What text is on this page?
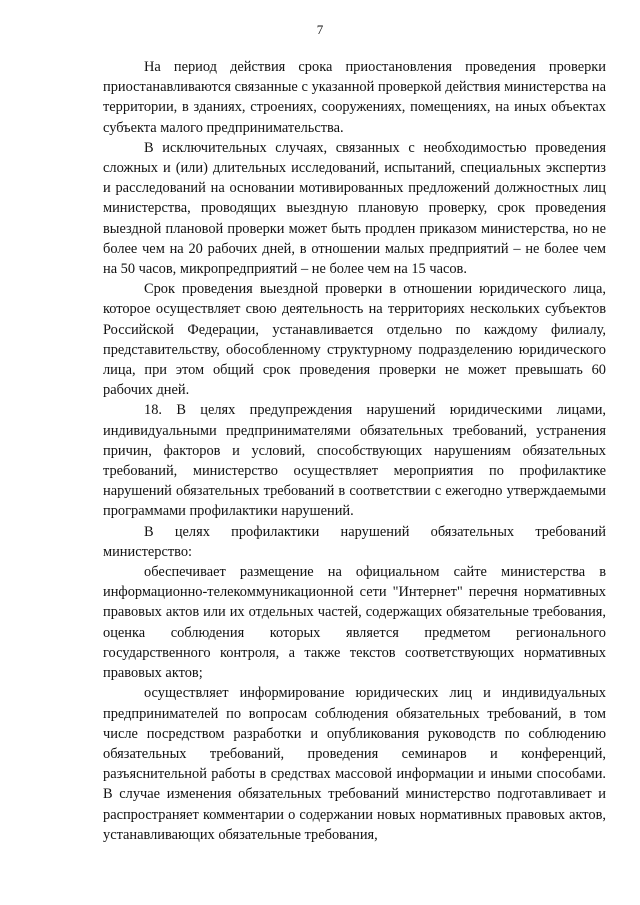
7

На период действия срока приостановления проведения проверки приостанавливаются связанные с указанной проверкой действия министерства на территории, в зданиях, строениях, сооружениях, помещениях, на иных объектах субъекта малого предпринимательства.

В исключительных случаях, связанных с необходимостью проведения сложных и (или) длительных исследований, испытаний, специальных экспертиз и расследований на основании мотивированных предложений должностных лиц министерства, проводящих выездную плановую проверку, срок проведения выездной плановой проверки может быть продлен приказом министерства, но не более чем на 20 рабочих дней, в отношении малых предприятий – не более чем на 50 часов, микропредприятий – не более чем на 15 часов.

Срок проведения выездной проверки в отношении юридического лица, которое осуществляет свою деятельность на территориях нескольких субъектов Российской Федерации, устанавливается отдельно по каждому филиалу, представительству, обособленному структурному подразделению юридического лица, при этом общий срок проведения проверки не может превышать 60 рабочих дней.

18. В целях предупреждения нарушений юридическими лицами, индивидуальными предпринимателями обязательных требований, устранения причин, факторов и условий, способствующих нарушениям обязательных требований, министерство осуществляет мероприятия по профилактике нарушений обязательных требований в соответствии с ежегодно утверждаемыми программами профилактики нарушений.

В целях профилактики нарушений обязательных требований министерство:

обеспечивает размещение на официальном сайте министерства в информационно-телекоммуникационной сети "Интернет" перечня нормативных правовых актов или их отдельных частей, содержащих обязательные требования, оценка соблюдения которых является предметом регионального государственного контроля, а также текстов соответствующих нормативных правовых актов;

осуществляет информирование юридических лиц и индивидуальных предпринимателей по вопросам соблюдения обязательных требований, в том числе посредством разработки и опубликования руководств по соблюдению обязательных требований, проведения семинаров и конференций, разъяснительной работы в средствах массовой информации и иными способами. В случае изменения обязательных требований министерство подготавливает и распространяет комментарии о содержании новых нормативных правовых актов, устанавливающих обязательные требования,
